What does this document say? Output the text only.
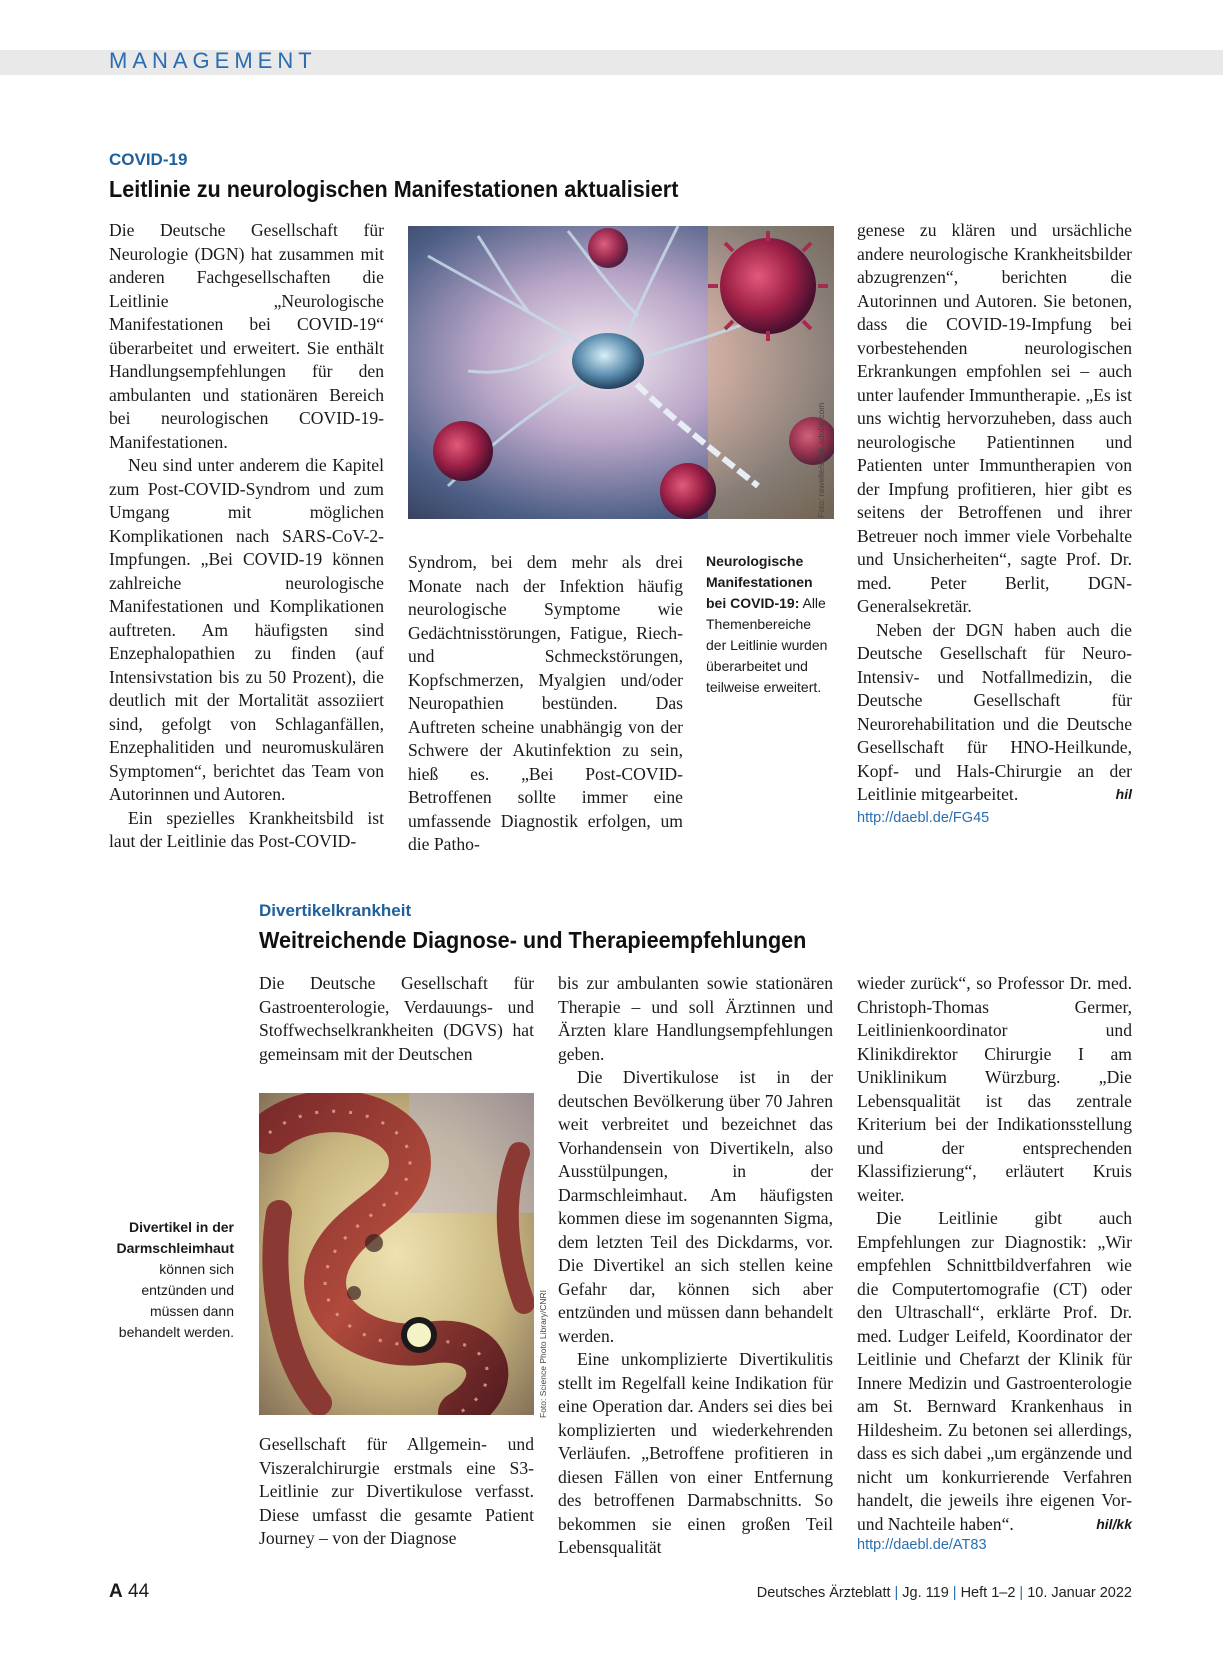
MANAGEMENT
COVID-19
Leitlinie zu neurologischen Manifestationen aktualisiert

Die Deutsche Gesellschaft für Neurologie (DGN) hat zusammen mit anderen Fachgesellschaften die Leitlinie „Neurologische Manifestationen bei COVID-19“ überarbeitet und erweitert. Sie enthält Handlungsempfehlungen für den ambulanten und stationären Bereich bei neurologischen COVID-19-Manifestationen.

Neu sind unter anderem die Kapitel zum Post-COVID-Syndrom und zum Umgang mit möglichen Komplikationen nach SARS-CoV-2-Impfungen. „Bei COVID-19 können zahlreiche neurologische Manifestationen und Komplikationen auftreten. Am häufigsten sind Enzephalopathien zu finden (auf Intensivstation bis zu 50 Prozent), die deutlich mit der Mortalität assoziiert sind, gefolgt von Schlaganfällen, Enzephalitiden und neuromuskulären Symptomen“, berichtet das Team von Autorinnen und Autoren.

Ein spezielles Krankheitsbild ist laut der Leitlinie das Post-COVID-

Foto: rawelle/stock.adobe.com

Syndrom, bei dem mehr als drei Monate nach der Infektion häufig neurologische Symptome wie Gedächtnisstörungen, Fatigue, Riech- und Schmeckstörungen, Kopfschmerzen, Myalgien und/oder Neuropathien bestünden. Das Auftreten scheine unabhängig von der Schwere der Akutinfektion zu sein, hieß es. „Bei Post-COVID-Betroffenen sollte immer eine umfassende Diagnostik erfolgen, um die Patho-

Neurologische Manifestationen bei COVID-19: Alle Themenbereiche der Leitlinie wurden überarbeitet und teilweise erweitert.

genese zu klären und ursächliche andere neurologische Krankheitsbilder abzugrenzen“, berichten die Autorinnen und Autoren. Sie betonen, dass die COVID-19-Impfung bei vorbestehenden neurologischen Erkrankungen empfohlen sei – auch unter laufender Immuntherapie. „Es ist uns wichtig hervorzuheben, dass auch neurologische Patientinnen und Patienten unter Immuntherapien von der Impfung profitieren, hier gibt es seitens der Betroffenen und ihrer Betreuer noch immer viele Vorbehalte und Unsicherheiten“, sagte Prof. Dr. med. Peter Berlit, DGN-Generalsekretär.

Neben der DGN haben auch die Deutsche Gesellschaft für Neuro-Intensiv- und Notfallmedizin, die Deutsche Gesellschaft für Neurorehabilitation und die Deutsche Gesellschaft für HNO-Heilkunde, Kopf- und Hals-Chirurgie an der Leitlinie mitgearbeitet.	hil

http://daebl.de/FG45
Divertikelkrankheit
Weitreichende Diagnose- und Therapieempfehlungen

Die Deutsche Gesellschaft für Gastroenterologie, Verdauungs- und Stoffwechselkrankheiten (DGVS) hat gemeinsam mit der Deutschen

Foto: Science Photo Library/CNRI
Divertikel in der Darmschleimhaut können sich entzünden und müssen dann behandelt werden.

Gesellschaft für Allgemein- und Viszeralchirurgie erstmals eine S3-Leitlinie zur Divertikulose verfasst. Diese umfasst die gesamte Patient Journey – von der Diagnose

bis zur ambulanten sowie stationären Therapie – und soll Ärztinnen und Ärzten klare Handlungsempfehlungen geben.

Die Divertikulose ist in der deutschen Bevölkerung über 70 Jahren weit verbreitet und bezeichnet das Vorhandensein von Divertikeln, also Ausstülpungen, in der Darmschleimhaut. Am häufigsten kommen diese im sogenannten Sigma, dem letzten Teil des Dickdarms, vor. Die Divertikel an sich stellen keine Gefahr dar, können sich aber entzünden und müssen dann behandelt werden.

Eine unkomplizierte Divertikulitis stellt im Regelfall keine Indikation für eine Operation dar. Anders sei dies bei komplizierten und wiederkehrenden Verläufen. „Betroffene profitieren in diesen Fällen von einer Entfernung des betroffenen Darmabschnitts. So bekommen sie einen großen Teil Lebensqualität

wieder zurück“, so Professor Dr. med. Christoph-Thomas Germer, Leitlinienkoordinator und Klinikdirektor Chirurgie I am Uniklinikum Würzburg. „Die Lebensqualität ist das zentrale Kriterium bei der Indikationsstellung und der entsprechenden Klassifizierung“, erläutert Kruis weiter.

Die Leitlinie gibt auch Empfehlungen zur Diagnostik: „Wir empfehlen Schnittbildverfahren wie die Computertomografie (CT) oder den Ultraschall“, erklärte Prof. Dr. med. Ludger Leifeld, Koordinator der Leitlinie und Chefarzt der Klinik für Innere Medizin und Gastroenterologie am St. Bernward Krankenhaus in Hildesheim. Zu betonen sei allerdings, dass es sich dabei „um ergänzende und nicht um konkurrierende Verfahren handelt, die jeweils ihre eigenen Vor- und Nachteile haben“.	hil/kk

http://daebl.de/AT83
A 44	Deutsches Ärzteblatt | Jg. 119 | Heft 1–2 | 10. Januar 2022
